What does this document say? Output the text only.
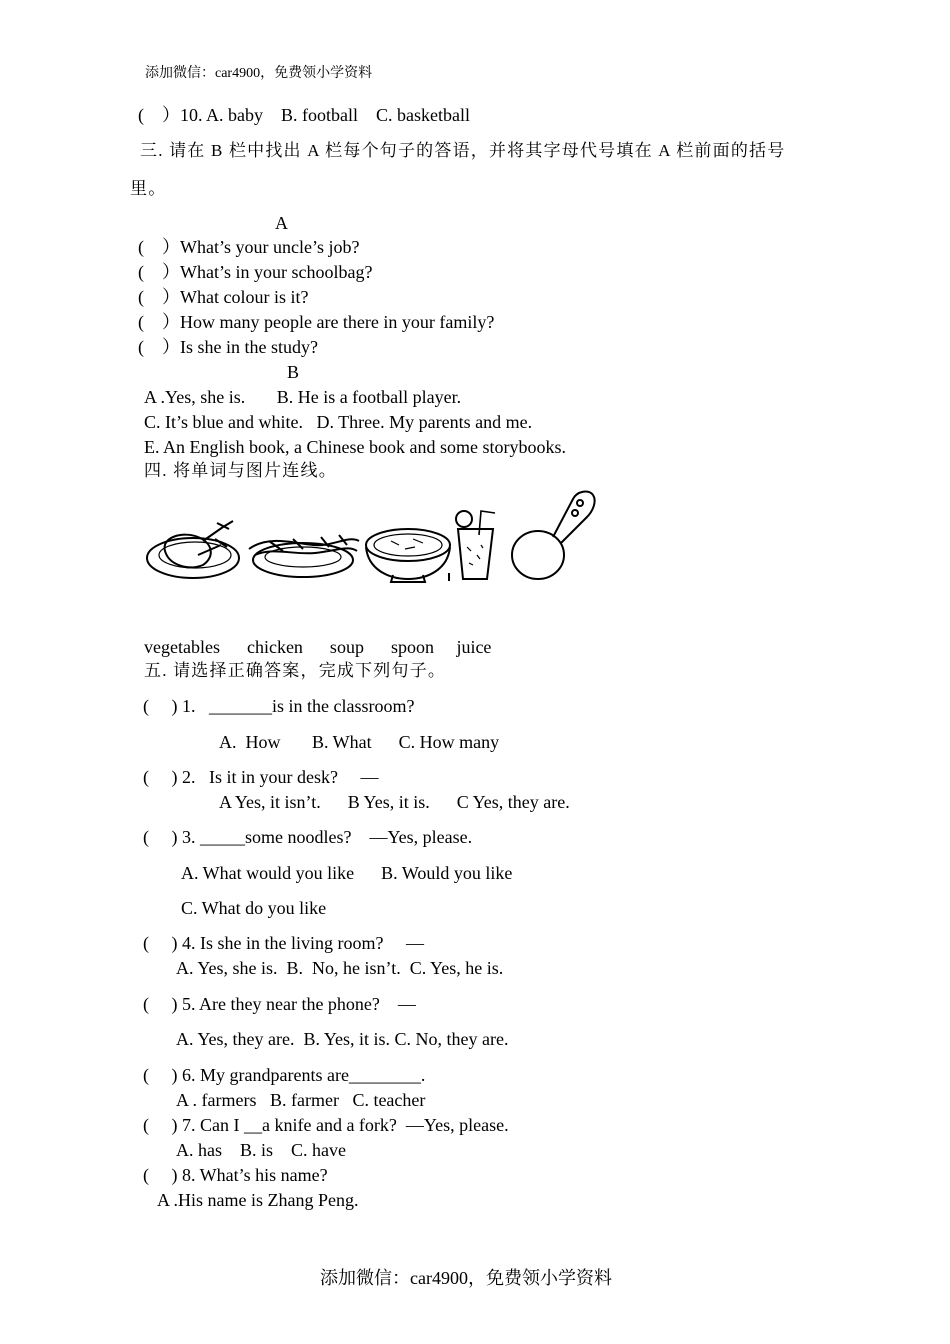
添加微信：car4900，免费领小学资料
(    ）10. A. baby    B. football    C. basketball
三. 请在 B 栏中找出 A 栏每个句子的答语，并将其字母代号填在 A 栏前面的括号
里。
A
(    ）What’s your uncle’s job?
(    ）What’s in your schoolbag?
(    ）What colour is it?
(    ）How many people are there in your family?
(    ）Is she in the study?
B
A .Yes, she is.       B. He is a football player.
C. It’s blue and white.   D. Three. My parents and me.
E. An English book, a Chinese book and some storybooks.
四. 将单词与图片连线。
vegetables      chicken      soup      spoon     juice
五. 请选择正确答案，完成下列句子。
(     ) 1.   _______is in the classroom?
A.  How       B. What      C. How many
(     ) 2.   Is it in your desk?     —
A Yes, it isn’t.      B Yes, it is.      C Yes, they are.
(     ) 3. _____some noodles?    —Yes, please.
A. What would you like      B. Would you like
C. What do you like
(     ) 4. Is she in the living room?     —
A. Yes, she is.  B.  No, he isn’t.  C. Yes, he is.
(     ) 5. Are they near the phone?    —
A. Yes, they are.  B. Yes, it is. C. No, they are.
(     ) 6. My grandparents are________.
A . farmers   B. farmer   C. teacher
(     ) 7. Can I __a knife and a fork?  —Yes, please.
A. has    B. is    C. have
(     ) 8. What’s his name?
A .His name is Zhang Peng.
添加微信：car4900，免费领小学资料
